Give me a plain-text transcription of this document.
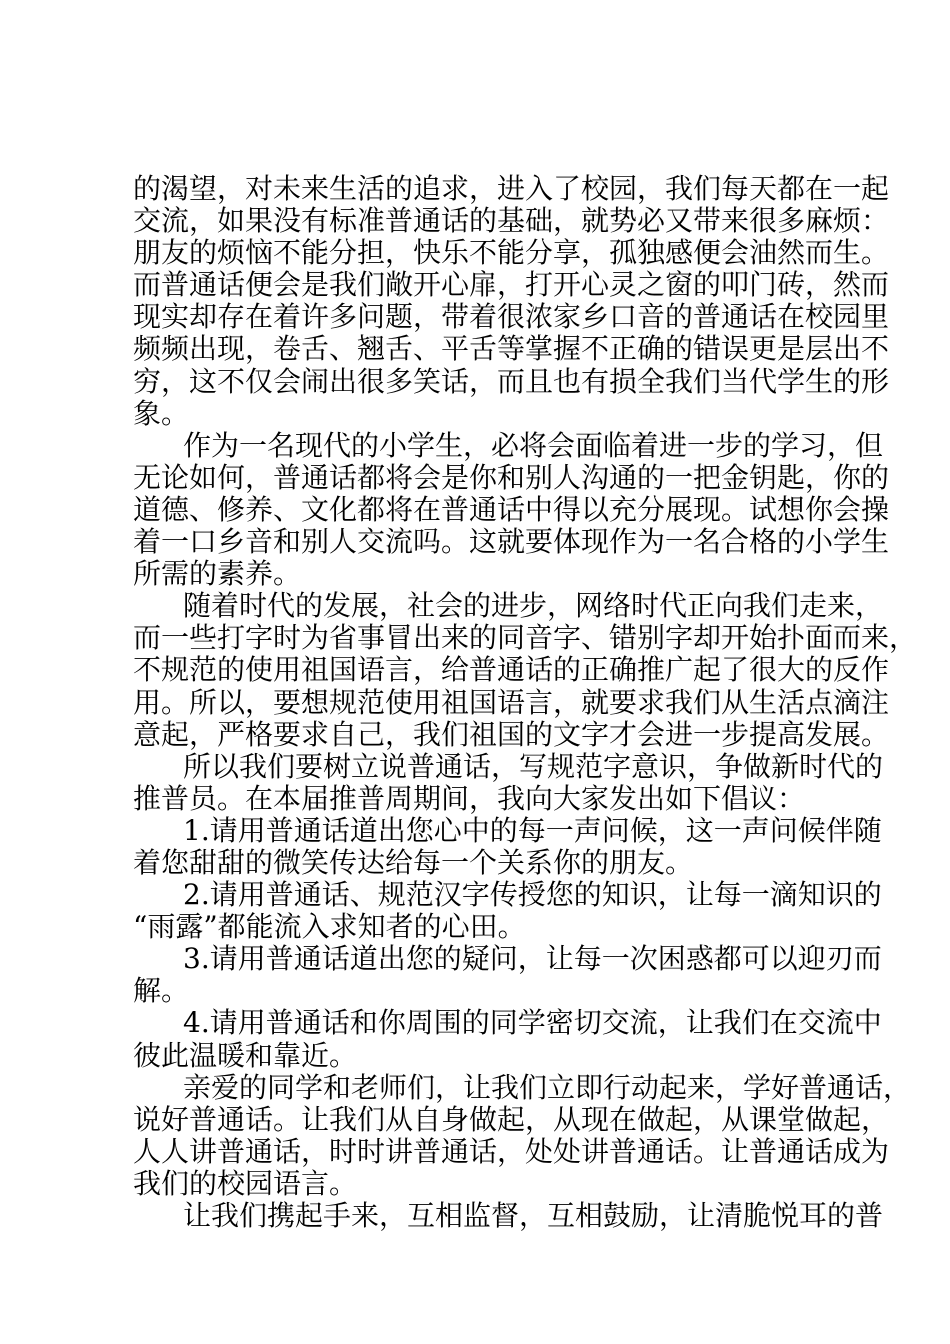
的渴望，对未来生活的追求，进入了校园，我们每天都在一起
交流，如果没有标准普通话的基础，就势必又带来很多麻烦：
朋友的烦恼不能分担，快乐不能分享，孤独感便会油然而生。
而普通话便会是我们敞开心扉，打开心灵之窗的叩门砖，然而
现实却存在着许多问题，带着很浓家乡口音的普通话在校园里
频频出现，卷舌、翘舌、平舌等掌握不正确的错误更是层出不
穷，这不仅会闹出很多笑话，而且也有损全我们当代学生的形
象。
作为一名现代的小学生，必将会面临着进一步的学习，但
无论如何，普通话都将会是你和别人沟通的一把金钥匙，你的
道德、修养、文化都将在普通话中得以充分展现。试想你会操
着一口乡音和别人交流吗。这就要体现作为一名合格的小学生
所需的素养。
随着时代的发展，社会的进步，网络时代正向我们走来，
而一些打字时为省事冒出来的同音字、错别字却开始扑面而来，
不规范的使用祖国语言，给普通话的正确推广起了很大的反作
用。所以，要想规范使用祖国语言，就要求我们从生活点滴注
意起，严格要求自己，我们祖国的文字才会进一步提高发展。
所以我们要树立说普通话，写规范字意识，争做新时代的
推普员。在本届推普周期间，我向大家发出如下倡议：
1.请用普通话道出您心中的每一声问候，这一声问候伴随
着您甜甜的微笑传达给每一个关系你的朋友。
2.请用普通话、规范汉字传授您的知识，让每一滴知识的
“雨露”都能流入求知者的心田。
3.请用普通话道出您的疑问，让每一次困惑都可以迎刃而
解。
4.请用普通话和你周围的同学密切交流，让我们在交流中
彼此温暖和靠近。
亲爱的同学和老师们，让我们立即行动起来，学好普通话，
说好普通话。让我们从自身做起，从现在做起，从课堂做起，
人人讲普通话，时时讲普通话，处处讲普通话。让普通话成为
我们的校园语言。
让我们携起手来，互相监督，互相鼓励，让清脆悦耳的普
